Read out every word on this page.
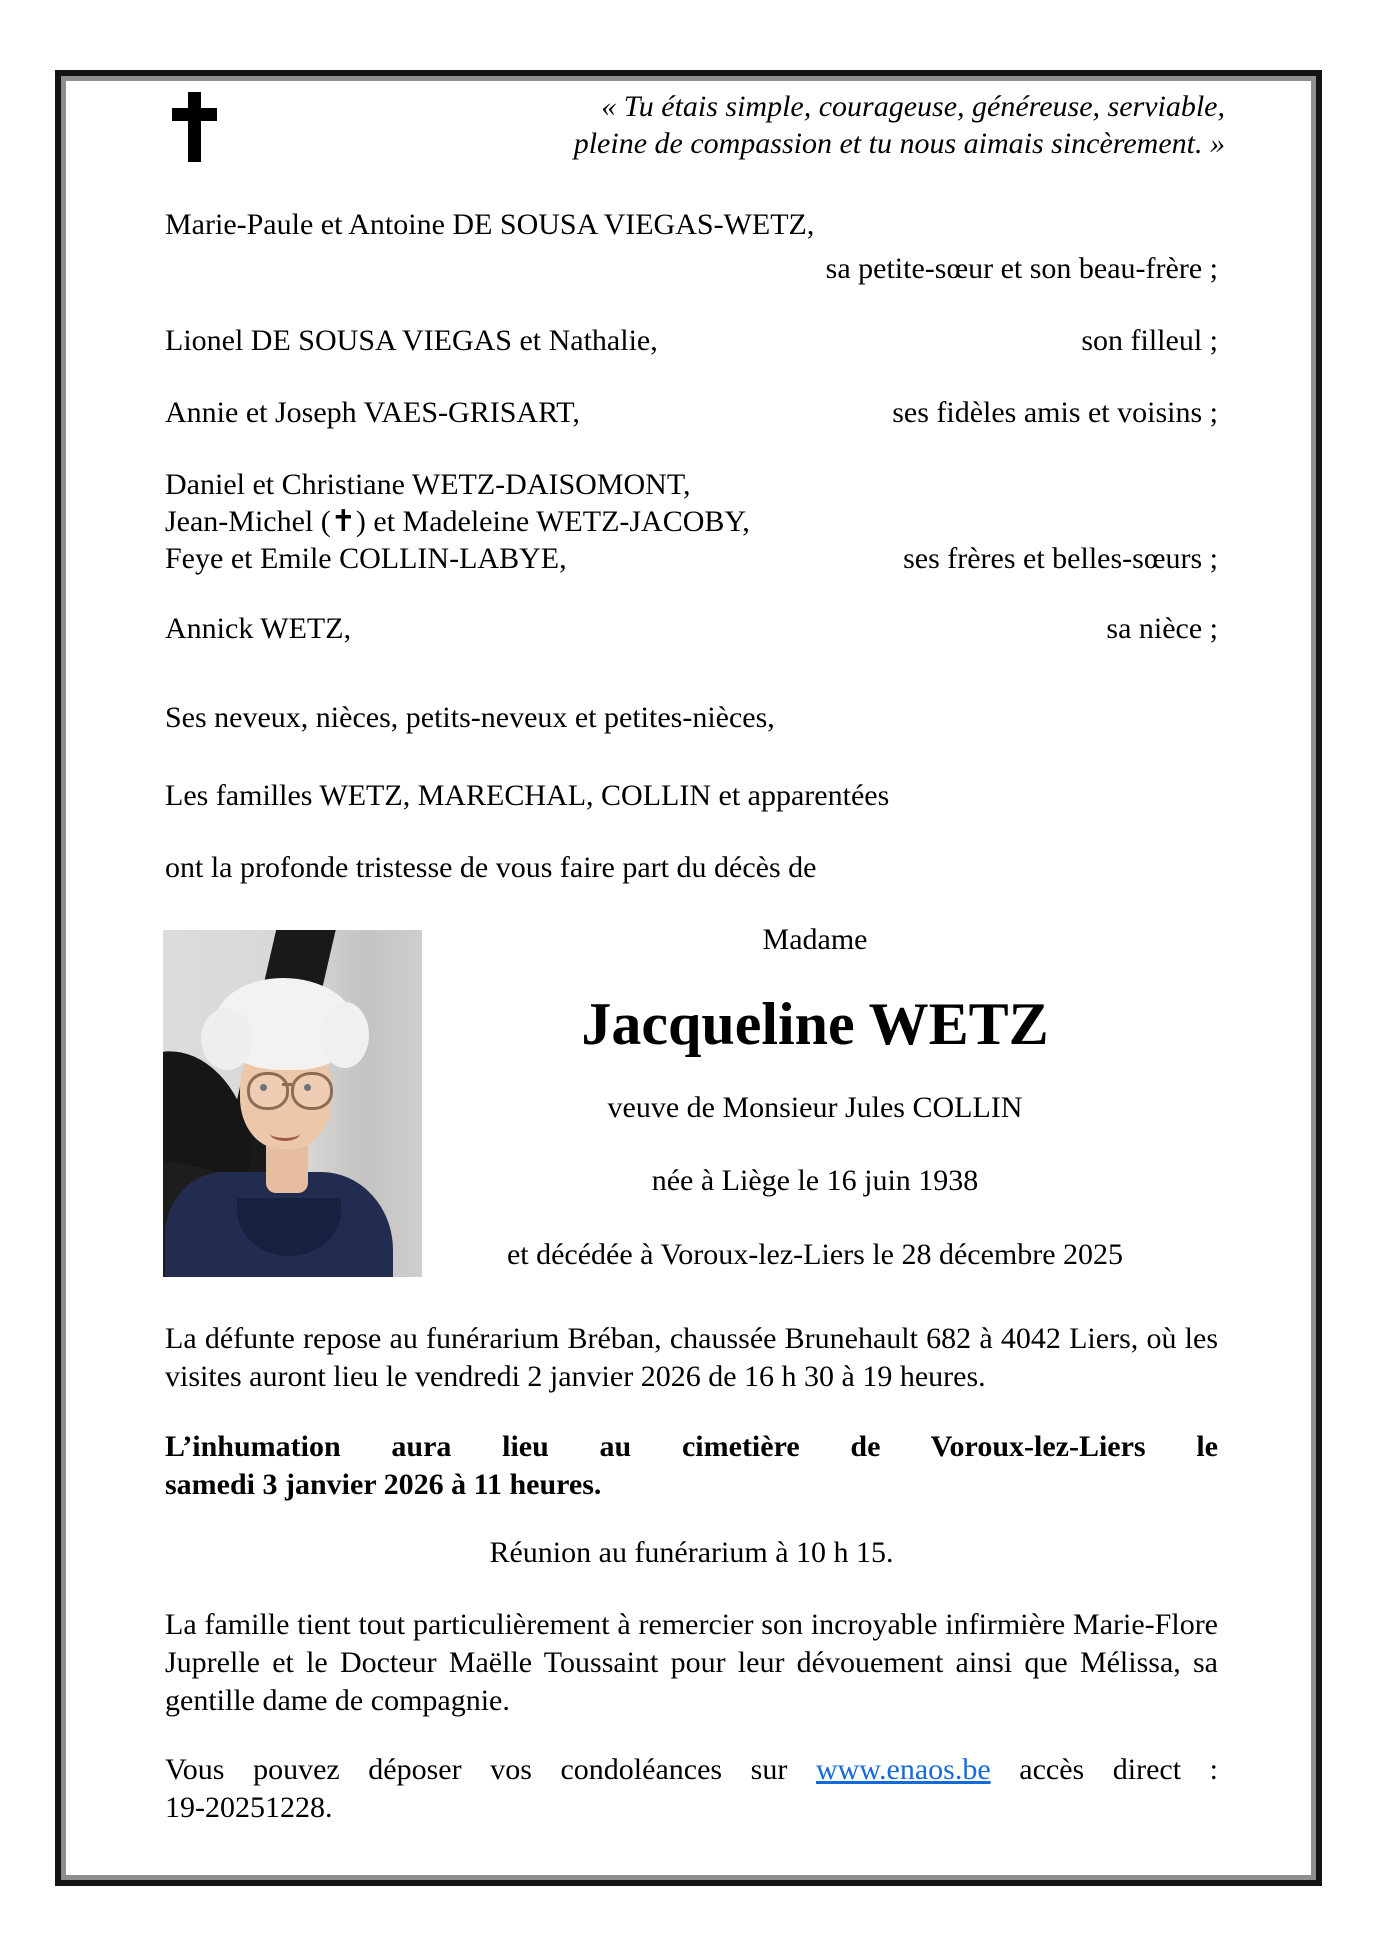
« Tu étais simple, courageuse, généreuse, serviable,
pleine de compassion et tu nous aimais sincèrement. »
Marie-Paule et Antoine DE SOUSA VIEGAS-WETZ,
sa petite-sœur et son beau-frère ;
Lionel DE SOUSA VIEGAS et Nathalie,	son filleul ;
Annie et Joseph VAES-GRISART,	ses fidèles amis et voisins ;
Daniel et Christiane WETZ-DAISOMONT,
Jean-Michel (✝) et Madeleine WETZ-JACOBY,
Feye et Emile COLLIN-LABYE,	ses frères et belles-sœurs ;
Annick WETZ,	sa nièce ;
Ses neveux, nièces, petits-neveux et petites-nièces,
Les familles WETZ, MARECHAL, COLLIN et apparentées
ont la profonde tristesse de vous faire part du décès de
Madame
Jacqueline WETZ
veuve de Monsieur Jules COLLIN
née à Liège le 16 juin 1938
et décédée à Voroux-lez-Liers le 28 décembre 2025
La défunte repose au funérarium Bréban, chaussée Brunehault 682 à 4042 Liers, où les visites auront lieu le vendredi 2 janvier 2026 de 16 h 30 à 19 heures.
L’inhumation aura lieu au cimetière de Voroux-lez-Liers le
samedi 3 janvier 2026 à 11 heures.
Réunion au funérarium à 10 h 15.
La famille tient tout particulièrement à remercier son incroyable infirmière Marie-Flore Juprelle et le Docteur Maëlle Toussaint pour leur dévouement ainsi que Mélissa, sa gentille dame de compagnie.
Vous pouvez déposer vos condoléances sur www.enaos.be accès direct :
19-20251228.
